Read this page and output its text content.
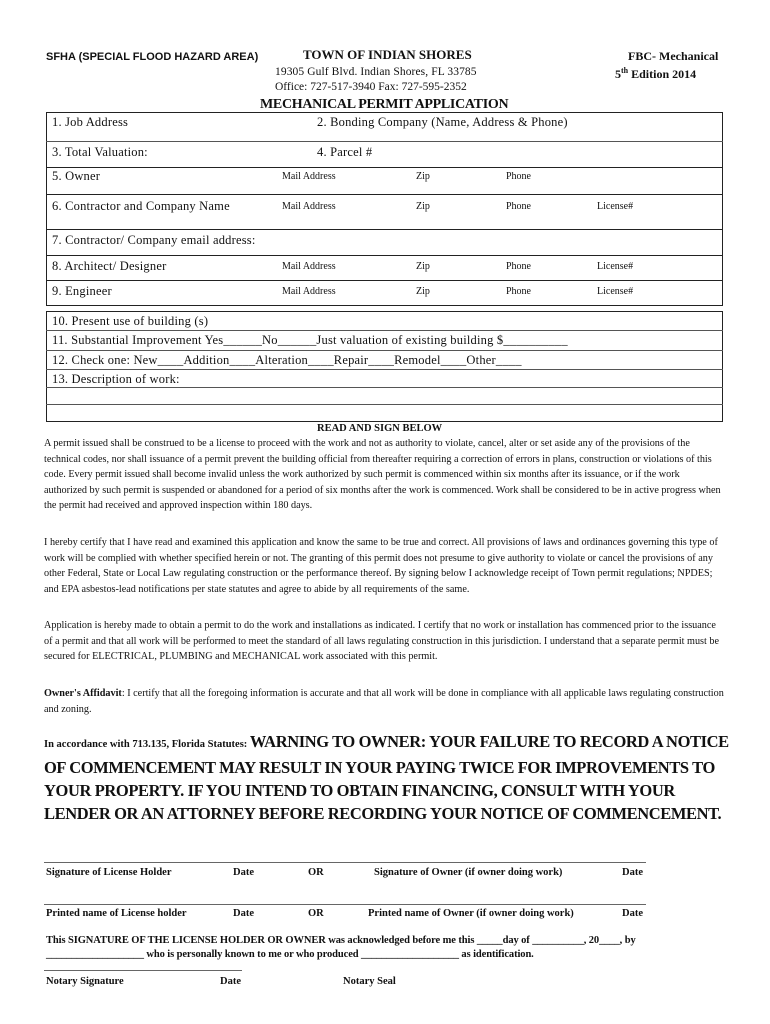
SFHA (SPECIAL FLOOD HAZARD AREA)	TOWN OF INDIAN SHORES
19305 Gulf Blvd. Indian Shores, FL 33785
Office: 727-517-3940 Fax: 727-595-2352
FBC- Mechanical
5th Edition 2014
MECHANICAL PERMIT APPLICATION
1. Job Address	2. Bonding Company (Name, Address & Phone)
3. Total Valuation:	4. Parcel #
5. Owner	Mail Address	Zip	Phone
6. Contractor and Company Name	Mail Address	Zip	Phone	License#
7. Contractor/ Company email address:
8. Architect/ Designer	Mail Address	Zip	Phone	License#
9. Engineer	Mail Address	Zip	Phone	License#
10. Present use of building (s)
11. Substantial Improvement Yes______No______Just valuation of existing building $__________
12. Check one: New____Addition____Alteration____Repair____Remodel____Other____
13. Description of work:
READ AND SIGN BELOW
A permit issued shall be construed to be a license to proceed with the work and not as authority to violate, cancel, alter or set aside any of the provisions of the technical codes, nor shall issuance of a permit prevent the building official from thereafter requiring a correction of errors in plans, construction or violations of this code. Every permit issued shall become invalid unless the work authorized by such permit is commenced within six months after its issuance, or if the work authorized by such permit is suspended or abandoned for a period of six months after the work is commenced. Work shall be considered to be in active progress when the permit had received and approved inspection within 180 days.
I hereby certify that I have read and examined this application and know the same to be true and correct. All provisions of laws and ordinances governing this type of work will be complied with whether specified herein or not. The granting of this permit does not presume to give authority to violate or cancel the provisions of any other Federal, State or Local Law regulating construction or the performance thereof. By signing below I acknowledge receipt of Town permit regulations; NPDES; and EPA asbestos-lead notifications per state statutes and agree to abide by all requirements of the same.
Application is hereby made to obtain a permit to do the work and installations as indicated. I certify that no work or installation has commenced prior to the issuance of a permit and that all work will be performed to meet the standard of all laws regulating construction in this jurisdiction. I understand that a separate permit must be secured for ELECTRICAL, PLUMBING and MECHANICAL work associated with this permit.
Owner's Affidavit: I certify that all the foregoing information is accurate and that all work will be done in compliance with all applicable laws regulating construction and zoning.
In accordance with 713.135, Florida Statutes: WARNING TO OWNER: YOUR FAILURE TO RECORD A NOTICE OF COMMENCEMENT MAY RESULT IN YOUR PAYING TWICE FOR IMPROVEMENTS TO YOUR PROPERTY. IF YOU INTEND TO OBTAIN FINANCING, CONSULT WITH YOUR LENDER OR AN ATTORNEY BEFORE RECORDING YOUR NOTICE OF COMMENCEMENT.
Signature of License Holder	Date	OR	Signature of Owner (if owner doing work)	Date
Printed name of License holder	Date	OR	Printed name of Owner (if owner doing work)	Date
This SIGNATURE OF THE LICENSE HOLDER OR OWNER was acknowledged before me this _____day of __________, 20____, by
___________________ who is personally known to me or who produced ___________________ as identification.
Notary Signature	Date	Notary Seal
